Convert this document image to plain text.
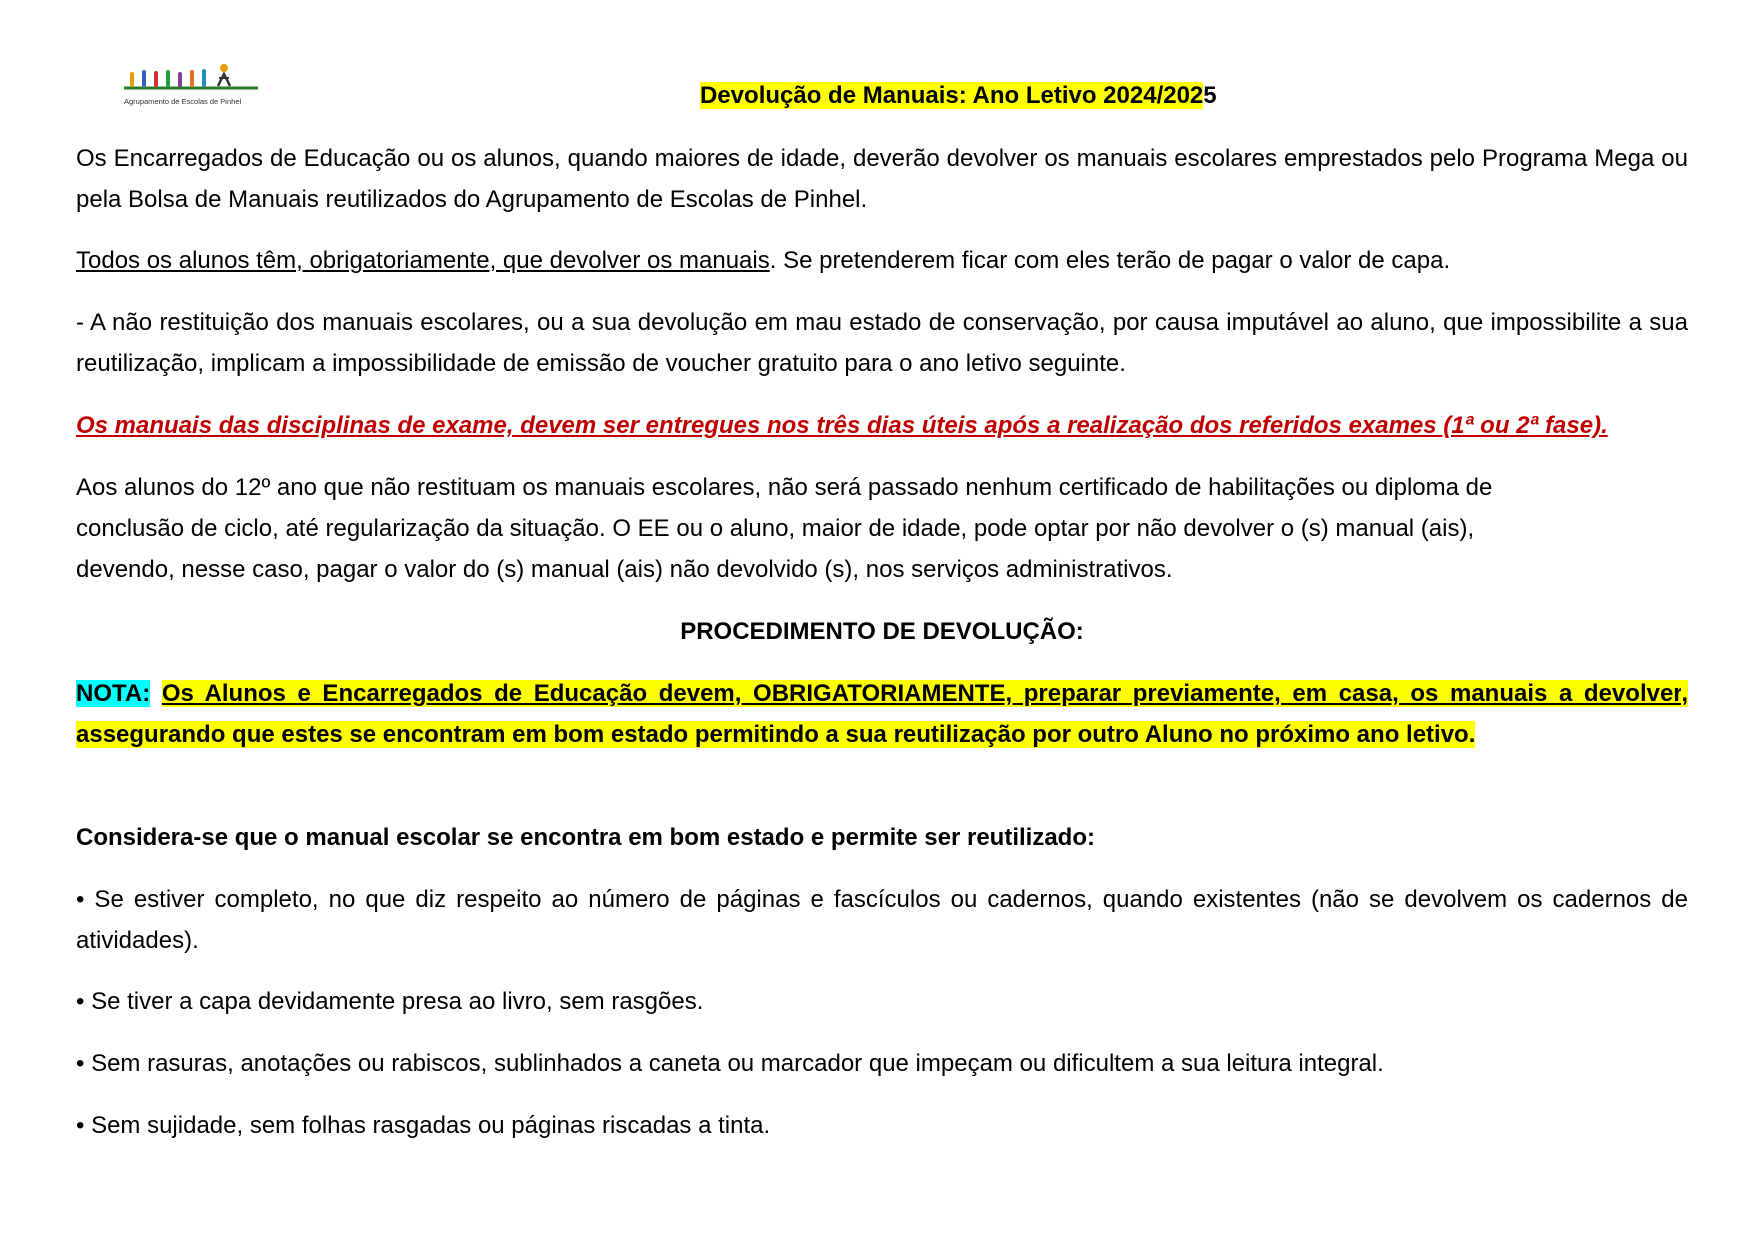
Agrupamento de Escolas de Pinhel	Devolução de Manuais: Ano Letivo 2024/2025

Os Encarregados de Educação ou os alunos, quando maiores de idade, deverão devolver os manuais escolares emprestados pelo Programa Mega ou pela Bolsa de Manuais reutilizados do Agrupamento de Escolas de Pinhel.

Todos os alunos têm, obrigatoriamente, que devolver os manuais. Se pretenderem ficar com eles terão de pagar o valor de capa.

- A não restituição dos manuais escolares, ou a sua devolução em mau estado de conservação, por causa imputável ao aluno, que impossibilite a sua reutilização, implicam a impossibilidade de emissão de voucher gratuito para o ano letivo seguinte.

Os manuais das disciplinas de exame, devem ser entregues nos três dias úteis após a realização dos referidos exames (1ª ou 2ª fase).

Aos alunos do 12º ano que não restituam os manuais escolares, não será passado nenhum certificado de habilitações ou diploma de
conclusão de ciclo, até regularização da situação. O EE ou o aluno, maior de idade, pode optar por não devolver o (s) manual (ais),
devendo, nesse caso, pagar o valor do (s) manual (ais) não devolvido (s), nos serviços administrativos.

PROCEDIMENTO DE DEVOLUÇÃO:

NOTA: Os Alunos e Encarregados de Educação devem, OBRIGATORIAMENTE, preparar previamente, em casa, os manuais a devolver, assegurando que estes se encontram em bom estado permitindo a sua reutilização por outro Aluno no próximo ano letivo.

Considera-se que o manual escolar se encontra em bom estado e permite ser reutilizado:

• Se estiver completo, no que diz respeito ao número de páginas e fascículos ou cadernos, quando existentes (não se devolvem os cadernos de atividades).

• Se tiver a capa devidamente presa ao livro, sem rasgões.

• Sem rasuras, anotações ou rabiscos, sublinhados a caneta ou marcador que impeçam ou dificultem a sua leitura integral.

• Sem sujidade, sem folhas rasgadas ou páginas riscadas a tinta.
